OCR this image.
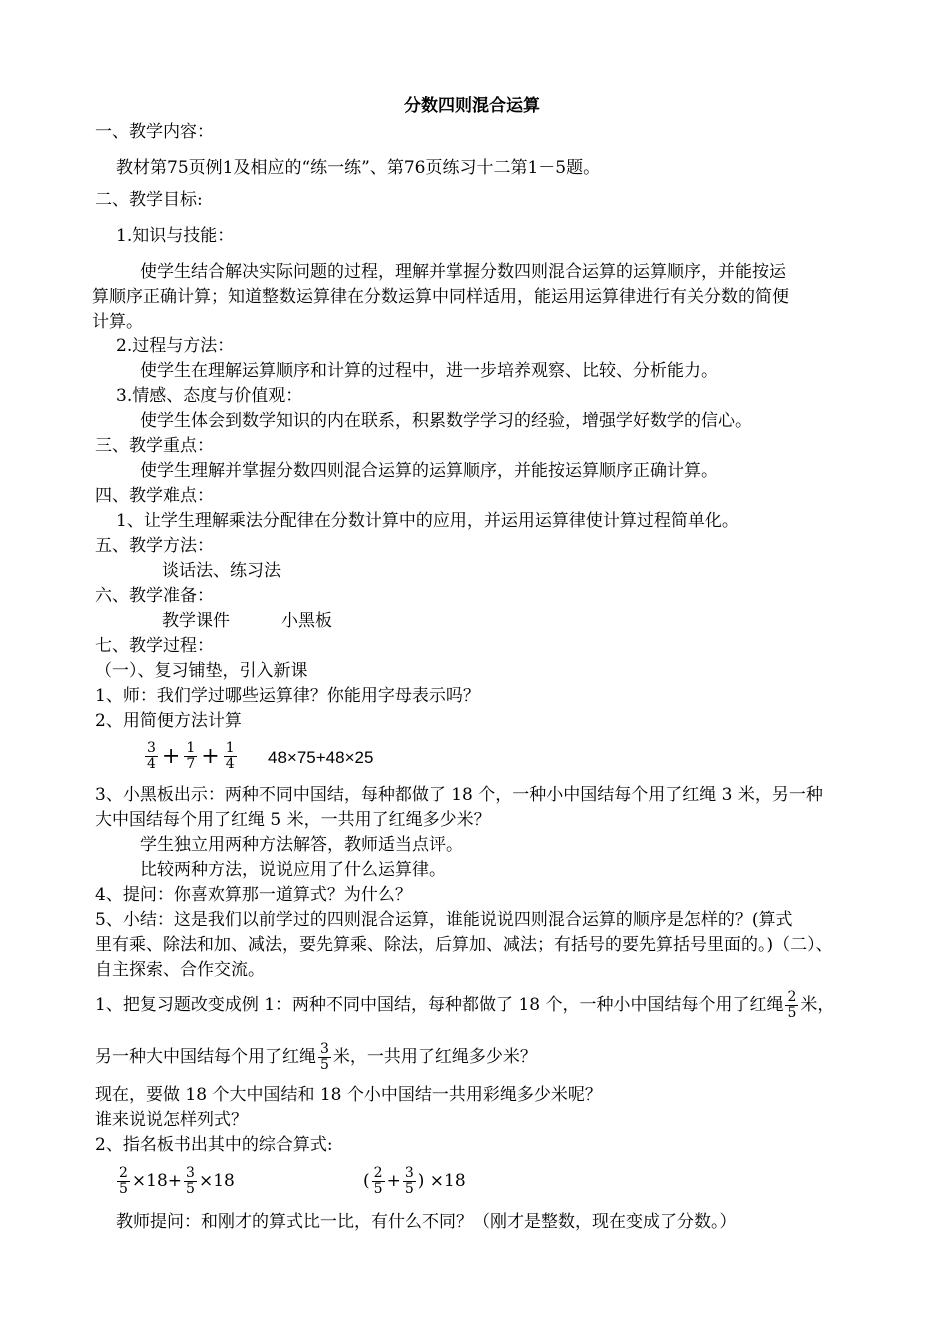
分数四则混合运算
一、教学内容：
教材第75页例1及相应的“练一练”、第76页练习十二第1－5题。
二、教学目标:
1.知识与技能：
使学生结合解决实际问题的过程，理解并掌握分数四则混合运算的运算顺序，并能按运
算顺序正确计算；知道整数运算律在分数运算中同样适用，能运用运算律进行有关分数的简便
计算。
2.过程与方法：
使学生在理解运算顺序和计算的过程中，进一步培养观察、比较、分析能力。
3.情感、态度与价值观：
使学生体会到数学知识的内在联系，积累数学学习的经验，增强学好数学的信心。
三、教学重点：
使学生理解并掌握分数四则混合运算的运算顺序，并能按运算顺序正确计算。
四、教学难点：
1、让学生理解乘法分配律在分数计算中的应用，并运用运算律使计算过程简单化。
五、教学方法：
谈话法、练习法
六、教学准备：
教学课件	小黑板
七、教学过程：
（一）、复习铺垫，引入新课
1、师：我们学过哪些运算律？你能用字母表示吗？
2、用简便方法计算
$\frac{3}{4} + \frac{1}{7} + \frac{1}{4} 48\times 75+48\times 25$
3、小黑板出示：两种不同中国结，每种都做了 18 个，一种小中国结每个用了红绳 3 米，另一种
大中国结每个用了红绳 5 米，一共用了红绳多少米？
学生独立用两种方法解答，教师适当点评。
比较两种方法，说说应用了什么运算律。
4、提问：你喜欢算那一道算式？为什么？
5、小结：这是我们以前学过的四则混合运算，谁能说说四则混合运算的顺序是怎样的？(算式
里有乘、除法和加、减法，要先算乘、除法，后算加、减法；有括号的要先算括号里面的。)（二）、
自主探索、合作交流。
1、把复习题改变成例 1：两种不同中国结，每种都做了 18 个，一种小中国结每个用了红绳 $\frac{2}{5}$ 米，
另一种大中国结每个用了红绳 $\frac{3}{5}$ 米，一共用了红绳多少米？
现在，要做 18 个大中国结和 18 个小中国结一共用彩绳多少米呢？
谁来说说怎样列式？
2、指名板书出其中的综合算式:
$\frac{2}{5} \times 18+ \frac{3}{5} \times 18$	( $\frac{2}{5} + \frac{3}{5}$ ) ×18
教师提问：和刚才的算式比一比，有什么不同？（刚才是整数，现在变成了分数。）
